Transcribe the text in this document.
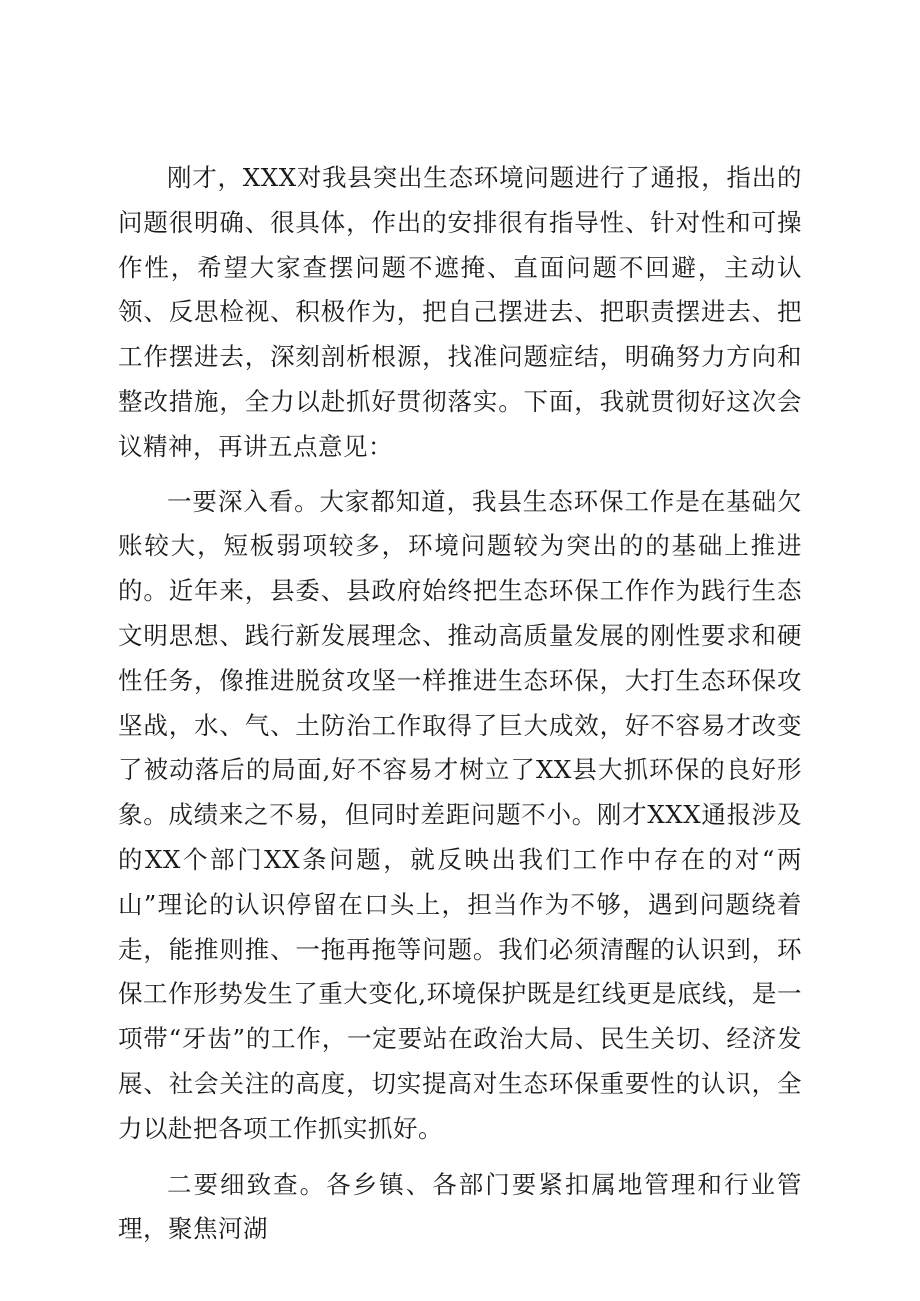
刚才，XXX对我县突出生态环境问题进行了通报，指出的问题很明确、很具体，作出的安排很有指导性、针对性和可操作性，希望大家查摆问题不遮掩、直面问题不回避，主动认领、反思检视、积极作为，把自己摆进去、把职责摆进去、把工作摆进去，深刻剖析根源，找准问题症结，明确努力方向和整改措施，全力以赴抓好贯彻落实。下面，我就贯彻好这次会议精神，再讲五点意见：

一要深入看。大家都知道，我县生态环保工作是在基础欠账较大，短板弱项较多，环境问题较为突出的的基础上推进的。近年来，县委、县政府始终把生态环保工作作为践行生态文明思想、践行新发展理念、推动高质量发展的刚性要求和硬性任务，像推进脱贫攻坚一样推进生态环保，大打生态环保攻坚战，水、气、土防治工作取得了巨大成效，好不容易才改变了被动落后的局面,好不容易才树立了XX县大抓环保的良好形象。成绩来之不易，但同时差距问题不小。刚才XXX通报涉及的XX个部门XX条问题，就反映出我们工作中存在的对“两山”理论的认识停留在口头上，担当作为不够，遇到问题绕着走，能推则推、一拖再拖等问题。我们必须清醒的认识到，环保工作形势发生了重大变化,环境保护既是红线更是底线，是一项带“牙齿”的工作，一定要站在政治大局、民生关切、经济发展、社会关注的高度，切实提高对生态环保重要性的认识，全力以赴把各项工作抓实抓好。

二要细致查。各乡镇、各部门要紧扣属地管理和行业管理，聚焦河湖
